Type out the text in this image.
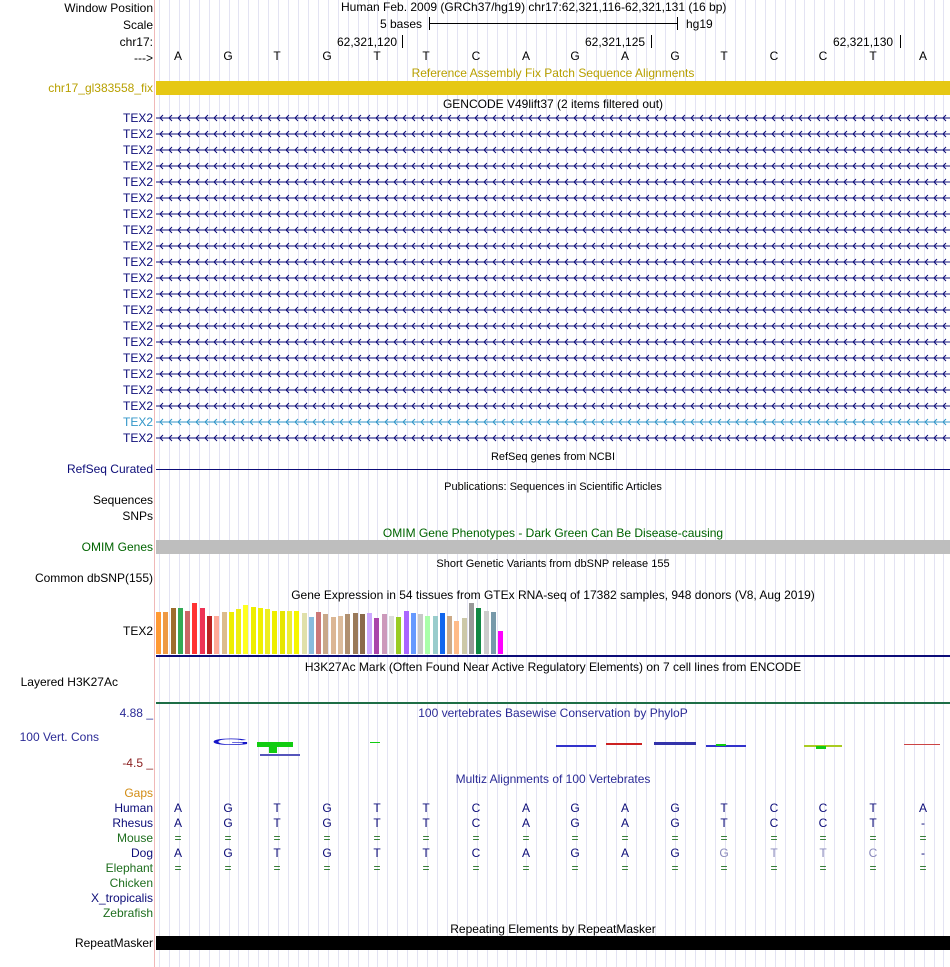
Window Position	Human Feb. 2009 (GRCh37/hg19) chr17:62,321,116-62,321,131 (16 bp)
Scale	5 bases	hg19
chr17:	62,321,120	62,321,125	62,321,130
--->	A	G	T	G	T	T	C	A	G	A	G	T	C	C	T	A
Reference Assembly Fix Patch Sequence Alignments
chr17_gl383558_fix
GENCODE V49lift37 (2 items filtered out)
TEX2
TEX2
TEX2
TEX2
TEX2
TEX2
TEX2
TEX2
TEX2
TEX2
TEX2
TEX2
TEX2
TEX2
TEX2
TEX2
TEX2
TEX2
TEX2
TEX2
TEX2
RefSeq genes from NCBI
RefSeq Curated
Publications: Sequences in Scientific Articles
Sequences
SNPs
OMIM Gene Phenotypes - Dark Green Can Be Disease-causing
OMIM Genes
Short Genetic Variants from dbSNP release 155
Common dbSNP(155)
Gene Expression in 54 tissues from GTEx RNA-seq of 17382 samples, 948 donors (V8, Aug 2019)
TEX2
H3K27Ac Mark (Often Found Near Active Regulatory Elements) on 7 cell lines from ENCODE
Layered H3K27Ac
100 vertebrates Basewise Conservation by PhyloP
4.88 _
100 Vert. Cons
-4.5 _
G
Multiz Alignments of 100 Vertebrates
Gaps
Human	A	G	T	G	T	T	C	A	G	A	G	T	C	C	T	A
Rhesus	A	G	T	G	T	T	C	A	G	A	G	T	C	C	T	-
Mouse	=	=	=	=	=	=	=	=	=	=	=	=	=	=	=	=
Dog	A	G	T	G	T	T	C	A	G	A	G	G	T	T	C	-
Elephant	=	=	=	=	=	=	=	=	=	=	=	=	=	=	=	=
Chicken
X_tropicalis
Zebrafish
Repeating Elements by RepeatMasker
RepeatMasker
